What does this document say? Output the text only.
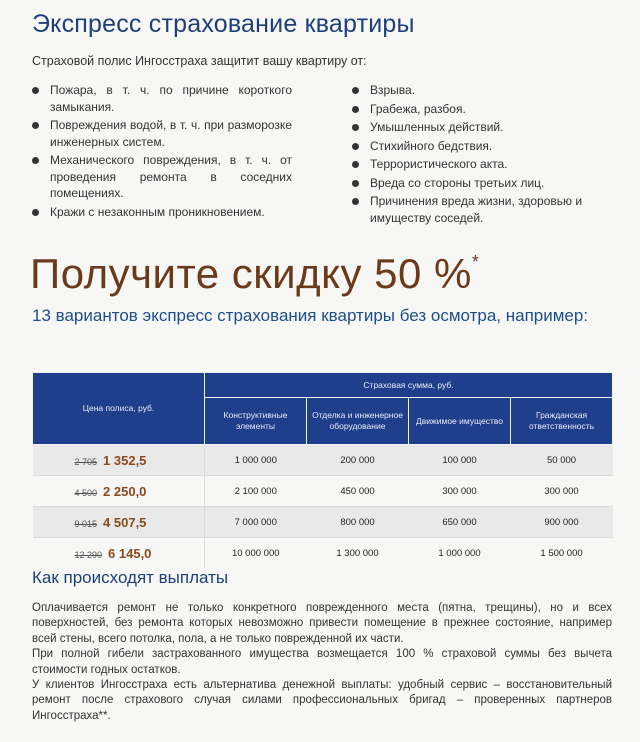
Экспресс страхование квартиры
Страховой полис Ингосстраха защитит вашу квартиру от:
Пожара, в т. ч. по причине короткого замыкания.
Повреждения водой, в т. ч. при разморозке инженерных систем.
Механического повреждения, в т. ч. от проведения ремонта в соседних помещениях.
Кражи с незаконным проникновением.
Взрыва.
Грабежа, разбоя.
Умышленных действий.
Стихийного бедствия.
Террористического акта.
Вреда со стороны третьих лиц.
Причинения вреда жизни, здоровью и имуществу соседей.
Получите скидку 50 %*
13 вариантов экспресс страхования квартиры без осмотра, например:
Цена полиса, руб.	Страховая сумма, руб.			
	Конструктивные элементы	Отделка и инженерное оборудование	Движимое имущество	Гражданская ответственность
2 705 1 352,5	1 000 000	200 000	100 000	50 000
4 500 2 250,0	2 100 000	450 000	300 000	300 000
9 015 4 507,5	7 000 000	800 000	650 000	900 000
12 290 6 145,0	10 000 000	1 300 000	1 000 000	1 500 000
Как происходят выплаты

Оплачивается ремонт не только конкретного поврежденного места (пятна, трещины), но и всех поверхностей, без ремонта которых невозможно привести помещение в прежнее состояние, например всей стены, всего потолка, пола, а не только поврежденной их части.

При полной гибели застрахованного имущества возмещается 100 % страховой суммы без вычета стоимости годных остатков.

У клиентов Ингосстраха есть альтернатива денежной выплаты: удобный сервис – восстановительный ремонт после страхового случая силами профессиональных бригад – проверенных партнеров Ингосстраха**.
